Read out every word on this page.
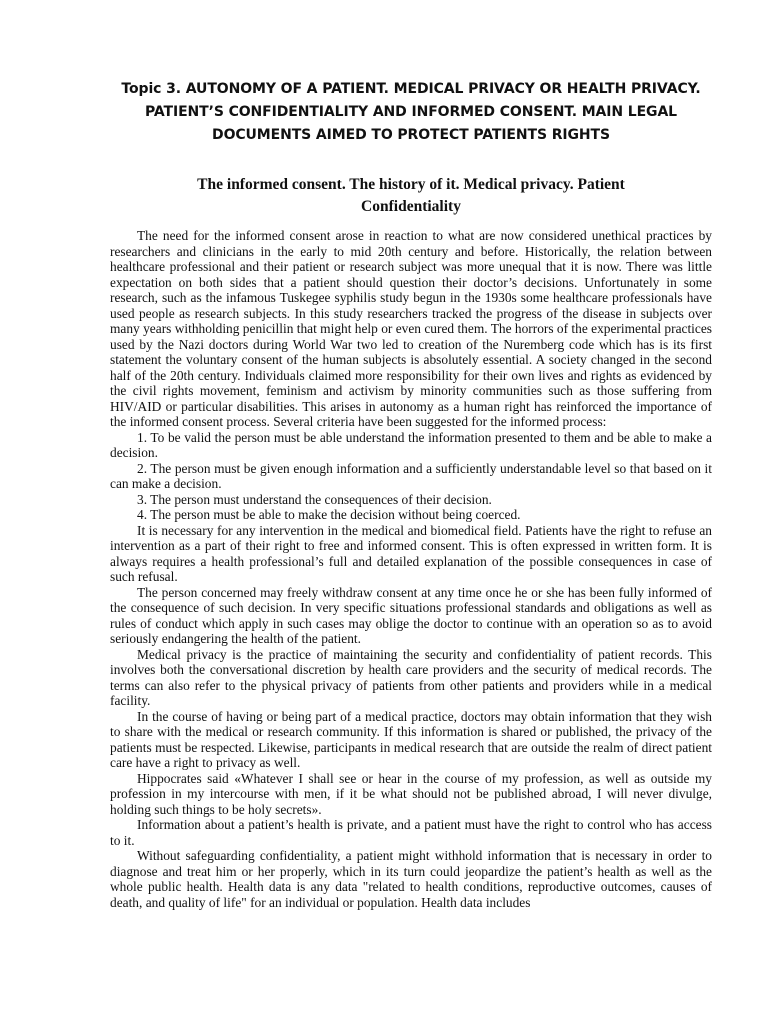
Topic 3. AUTONOMY OF A PATIENT. MEDICAL PRIVACY OR HEALTH PRIVACY. PATIENT’S CONFIDENTIALITY AND INFORMED CONSENT. MAIN LEGAL DOCUMENTS AIMED TO PROTECT PATIENTS RIGHTS
The informed consent. The history of it. Medical privacy. Patient Confidentiality

The need for the informed consent arose in reaction to what are now considered unethical practices by researchers and clinicians in the early to mid 20th century and before. Historically, the relation between healthcare professional and their patient or research subject was more unequal that it is now. There was little expectation on both sides that a patient should question their doctor’s decisions. Unfortunately in some research, such as the infamous Tuskegee syphilis study begun in the 1930s some healthcare professionals have used people as research subjects. In this study researchers tracked the progress of the disease in subjects over many years withholding penicillin that might help or even cured them. The horrors of the experimental practices used by the Nazi doctors during World War two led to creation of the Nuremberg code which has is its first statement the voluntary consent of the human subjects is absolutely essential. A society changed in the second half of the 20th century. Individuals claimed more responsibility for their own lives and rights as evidenced by the civil rights movement, feminism and activism by minority communities such as those suffering from HIV/AID or particular disabilities. This arises in autonomy as a human right has reinforced the importance of the informed consent process. Several criteria have been suggested for the informed process:

1. To be valid the person must be able understand the information presented to them and be able to make a decision.

2. The person must be given enough information and a sufficiently understandable level so that based on it can make a decision.

3. The person must understand the consequences of their decision.

4. The person must be able to make the decision without being coerced.

It is necessary for any intervention in the medical and biomedical field. Patients have the right to refuse an intervention as a part of their right to free and informed consent. This is often expressed in written form. It is always requires a health professional’s full and detailed explanation of the possible consequences in case of such refusal.

The person concerned may freely withdraw consent at any time once he or she has been fully informed of the consequence of such decision. In very specific situations professional standards and obligations as well as rules of conduct which apply in such cases may oblige the doctor to continue with an operation so as to avoid seriously endangering the health of the patient.

Medical privacy is the practice of maintaining the security and confidentiality of patient records. This involves both the conversational discretion by health care providers and the security of medical records. The terms can also refer to the physical privacy of patients from other patients and providers while in a medical facility.

In the course of having or being part of a medical practice, doctors may obtain information that they wish to share with the medical or research community. If this information is shared or published, the privacy of the patients must be respected. Likewise, participants in medical research that are outside the realm of direct patient care have a right to privacy as well.

Hippocrates said «Whatever I shall see or hear in the course of my profession, as well as outside my profession in my intercourse with men, if it be what should not be published abroad, I will never divulge, holding such things to be holy secrets».

Information about a patient’s health is private, and a patient must have the right to control who has access to it.

Without safeguarding confidentiality, a patient might withhold information that is necessary in order to diagnose and treat him or her properly, which in its turn could jeopardize the patient’s health as well as the whole public health. Health data is any data "related to health conditions, reproductive outcomes, causes of death, and quality of life" for an individual or population. Health data includes
